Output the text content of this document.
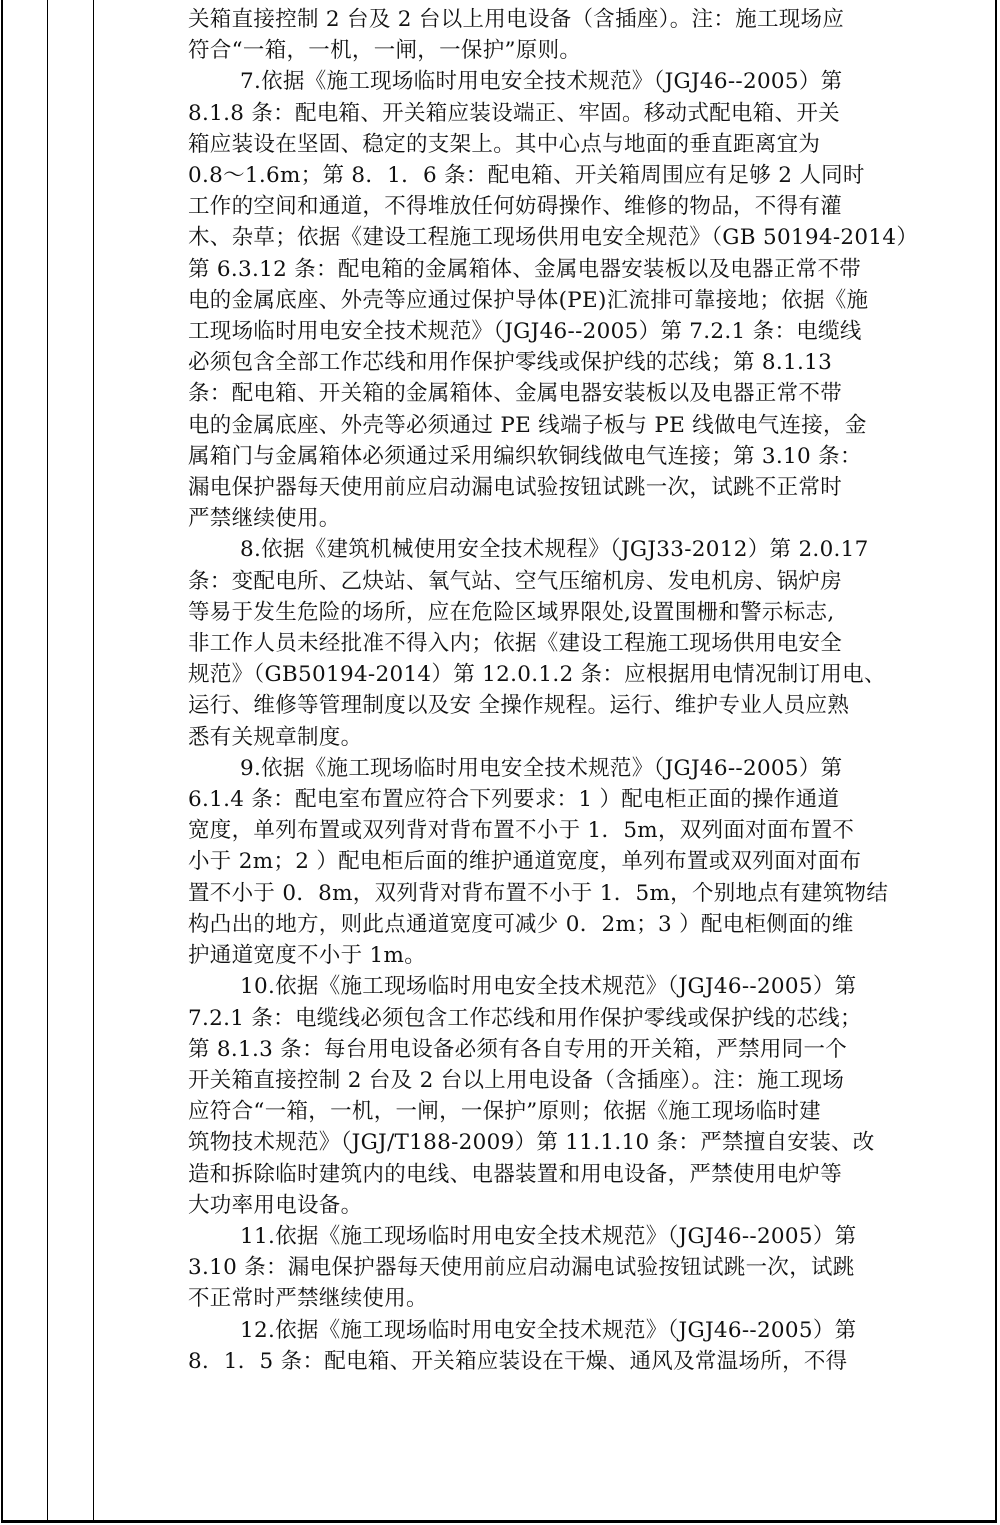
关箱直接控制 2 台及 2 台以上用电设备（含插座）。注：施工现场应
符合“一箱，一机，一闸，一保护”原则。
7.依据《施工现场临时用电安全技术规范》（JGJ46--2005）第
8.1.8 条：配电箱、开关箱应装设端正、牢固。移动式配电箱、开关
箱应装设在坚固、稳定的支架上。其中心点与地面的垂直距离宜为
0.8～1.6m；第 8．1．6 条：配电箱、开关箱周围应有足够 2 人同时
工作的空间和通道，不得堆放任何妨碍操作、维修的物品，不得有灌
木、杂草；依据《建设工程施工现场供用电安全规范》（GB 50194-2014）
第 6.3.12 条：配电箱的金属箱体、金属电器安装板以及电器正常不带
电的金属底座、外壳等应通过保护导体(PE)汇流排可靠接地；依据《施
工现场临时用电安全技术规范》（JGJ46--2005）第 7.2.1 条：电缆线
必须包含全部工作芯线和用作保护零线或保护线的芯线；第 8.1.13
条：配电箱、开关箱的金属箱体、金属电器安装板以及电器正常不带
电的金属底座、外壳等必须通过 PE 线端子板与 PE 线做电气连接，金
属箱门与金属箱体必须通过采用编织软铜线做电气连接；第 3.10 条：
漏电保护器每天使用前应启动漏电试验按钮试跳一次，试跳不正常时
严禁继续使用。
8.依据《建筑机械使用安全技术规程》（JGJ33-2012）第 2.0.17
条：变配电所、乙炔站、氧气站、空气压缩机房、发电机房、锅炉房
等易于发生危险的场所，应在危险区域界限处,设置围栅和警示标志,
非工作人员未经批准不得入内；依据《建设工程施工现场供用电安全
规范》（GB50194-2014）第 12.0.1.2 条：应根据用电情况制订用电、
运行、维修等管理制度以及安 全操作规程。运行、维护专业人员应熟
悉有关规章制度。
9.依据《施工现场临时用电安全技术规范》（JGJ46--2005）第
6.1.4 条：配电室布置应符合下列要求：1 ）配电柜正面的操作通道
宽度，单列布置或双列背对背布置不小于 1．5m，双列面对面布置不
小于 2m；2 ）配电柜后面的维护通道宽度，单列布置或双列面对面布
置不小于 0．8m，双列背对背布置不小于 1．5m，个别地点有建筑物结
构凸出的地方，则此点通道宽度可减少 0．2m；3 ）配电柜侧面的维
护通道宽度不小于 1m。
10.依据《施工现场临时用电安全技术规范》（JGJ46--2005）第
7.2.1 条：电缆线必须包含工作芯线和用作保护零线或保护线的芯线；
第 8.1.3 条：每台用电设备必须有各自专用的开关箱，严禁用同一个
开关箱直接控制 2 台及 2 台以上用电设备（含插座）。注：施工现场
应符合“一箱，一机，一闸，一保护”原则；依据《施工现场临时建
筑物技术规范》（JGJ/T188-2009）第 11.1.10 条：严禁擅自安装、改
造和拆除临时建筑内的电线、电器装置和用电设备，严禁使用电炉等
大功率用电设备。
11.依据《施工现场临时用电安全技术规范》（JGJ46--2005）第
3.10 条：漏电保护器每天使用前应启动漏电试验按钮试跳一次，试跳
不正常时严禁继续使用。
12.依据《施工现场临时用电安全技术规范》（JGJ46--2005）第
8．1．5 条：配电箱、开关箱应装设在干燥、通风及常温场所，不得
